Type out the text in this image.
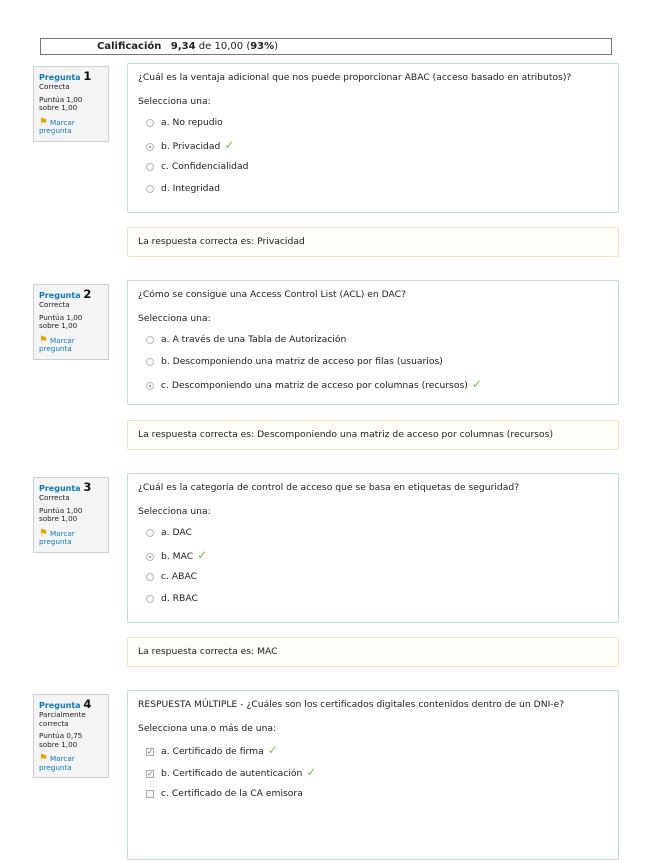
Calificación 9,34 de 10,00 (93%)
Pregunta 1
Correcta
Puntúa 1,00 sobre 1,00
⚑ Marcar pregunta
¿Cuál es la ventaja adicional que nos puede proporcionar ABAC (acceso basado en atributos)?
Selecciona una:
a. No repudio
b. Privacidad ✓
c. Confidencialidad
d. Integridad
La respuesta correcta es: Privacidad
Pregunta 2
Correcta
Puntúa 1,00 sobre 1,00
⚑ Marcar pregunta
¿Cómo se consigue una Access Control List (ACL) en DAC?
Selecciona una:
a. A través de una Tabla de Autorización
b. Descomponiendo una matriz de acceso por filas (usuarios)
c. Descomponiendo una matriz de acceso por columnas (recursos) ✓
La respuesta correcta es: Descomponiendo una matriz de acceso por columnas (recursos)
Pregunta 3
Correcta
Puntúa 1,00 sobre 1,00
⚑ Marcar pregunta
¿Cuál es la categoría de control de acceso que se basa en etiquetas de seguridad?
Selecciona una:
a. DAC
b. MAC ✓
c. ABAC
d. RBAC
La respuesta correcta es: MAC
Pregunta 4
Parcialmente correcta
Puntúa 0,75 sobre 1,00
⚑ Marcar pregunta
RESPUESTA MÚLTIPLE - ¿Cuáles son los certificados digitales contenidos dentro de un DNI-e?
Selecciona una o más de una:
✓ a. Certificado de firma ✓
✓ b. Certificado de autenticación ✓
c. Certificado de la CA emisora
